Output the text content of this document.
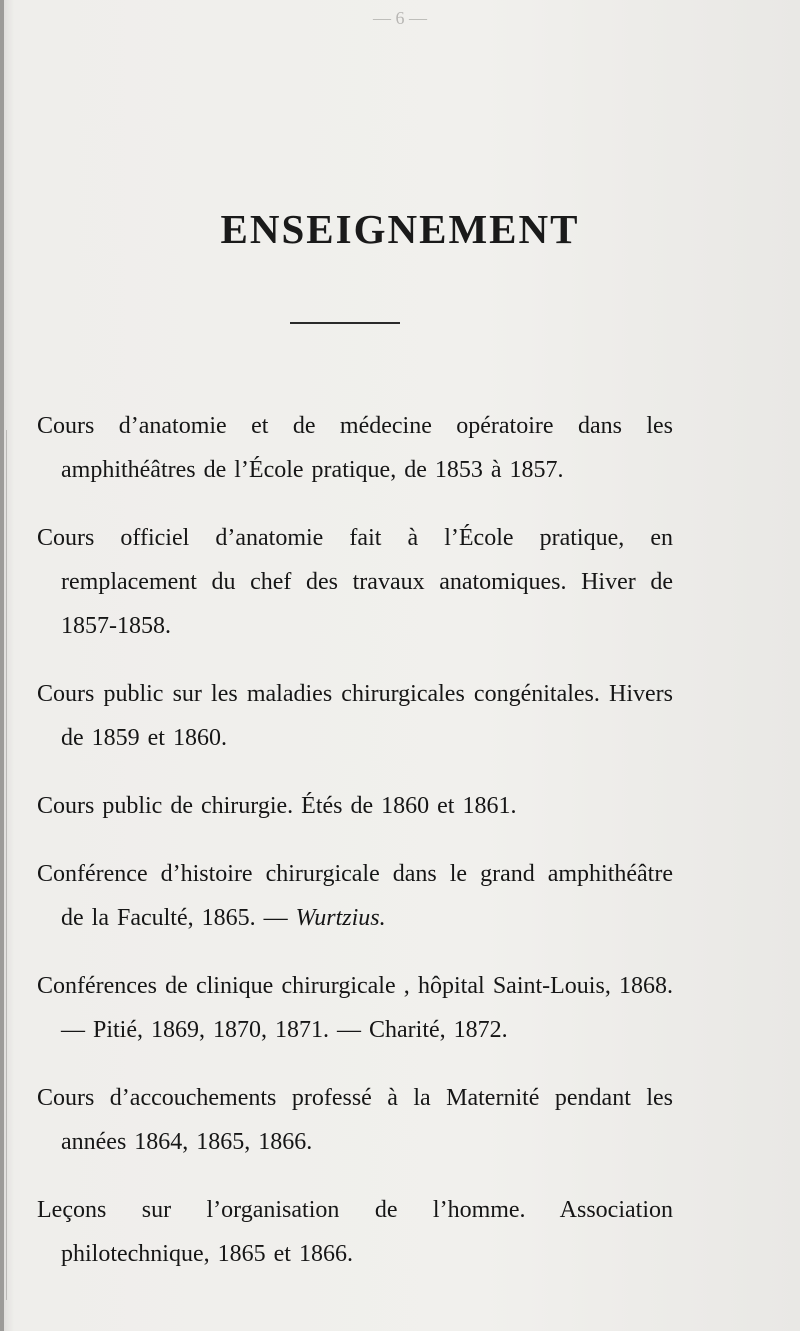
— 6 —
ENSEIGNEMENT

Cours d’anatomie et de médecine opératoire dans les amphithéâtres de l’École pratique, de 1853 à 1857.

Cours officiel d’anatomie fait à l’École pratique, en remplacement du chef des travaux anatomiques. Hiver de 1857-1858.

Cours public sur les maladies chirurgicales congénitales. Hivers de 1859 et 1860.

Cours public de chirurgie. Étés de 1860 et 1861.

Conférence d’histoire chirurgicale dans le grand amphithéâtre de la Faculté, 1865. — Wurtzius.

Conférences de clinique chirurgicale , hôpital Saint-Louis, 1868. — Pitié, 1869, 1870, 1871. — Charité, 1872.

Cours d’accouchements professé à la Maternité pendant les années 1864, 1865, 1866.

Leçons sur l’organisation de l’homme. Association philotechnique, 1865 et 1866.
